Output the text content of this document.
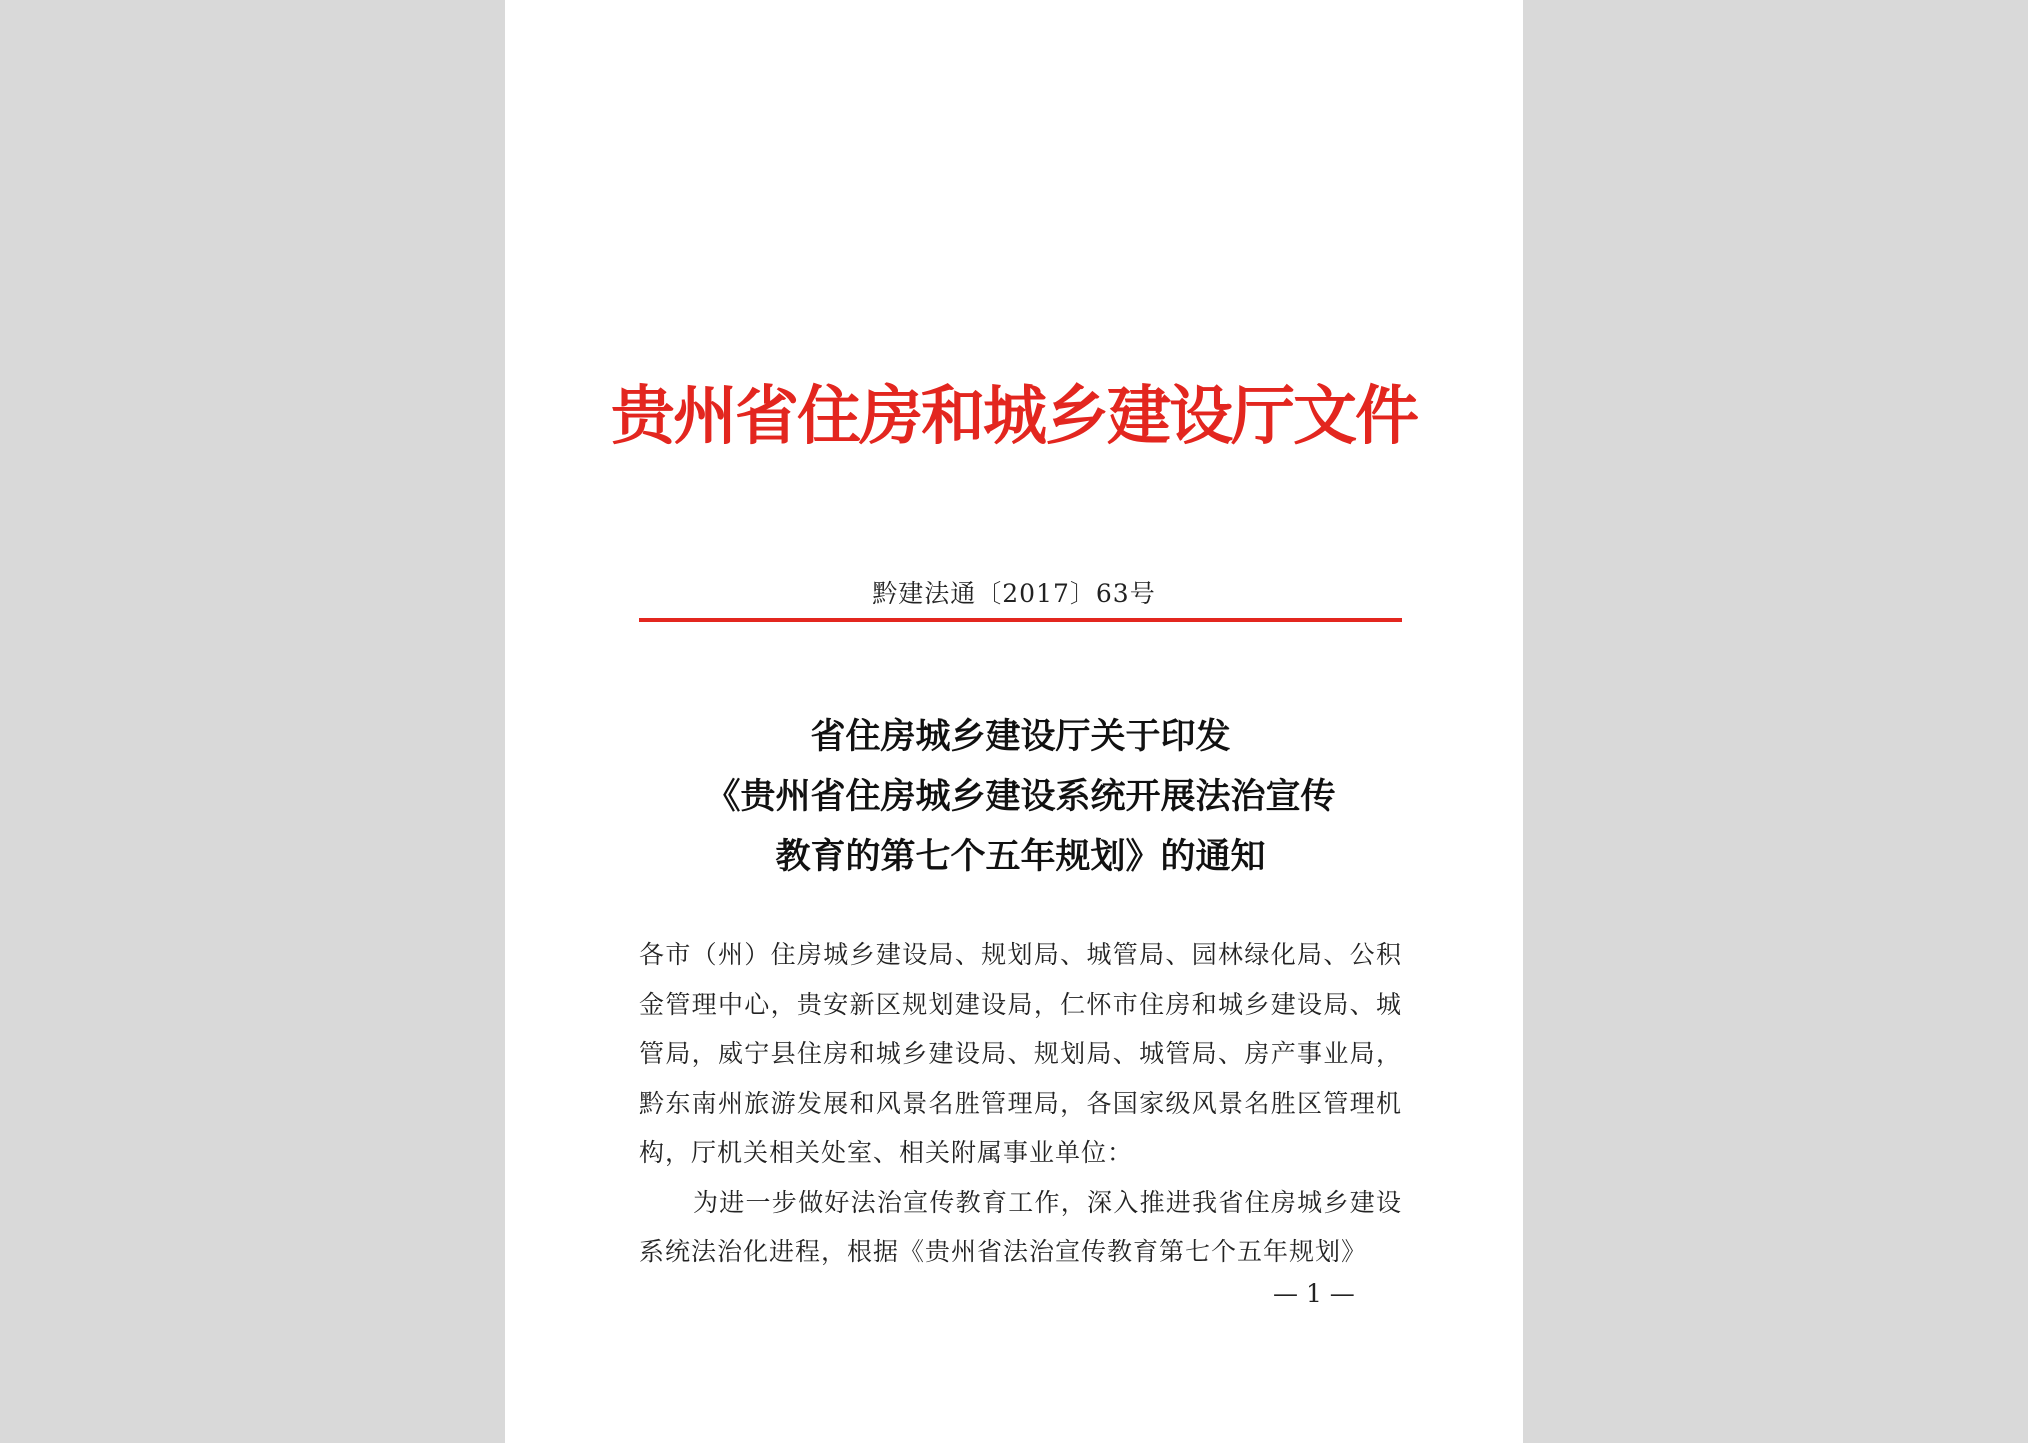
贵州省住房和城乡建设厅文件
黔建法通〔2017〕63号
省住房城乡建设厅关于印发
《贵州省住房城乡建设系统开展法治宣传
教育的第七个五年规划》的通知

各市（州）住房城乡建设局、规划局、城管局、园林绿化局、公积金管理中心，贵安新区规划建设局，仁怀市住房和城乡建设局、城管局，威宁县住房和城乡建设局、规划局、城管局、房产事业局，黔东南州旅游发展和风景名胜管理局，各国家级风景名胜区管理机构，厅机关相关处室、相关附属事业单位：

为进一步做好法治宣传教育工作，深入推进我省住房城乡建设系统法治化进程，根据《贵州省法治宣传教育第七个五年规划》

— 1 —
